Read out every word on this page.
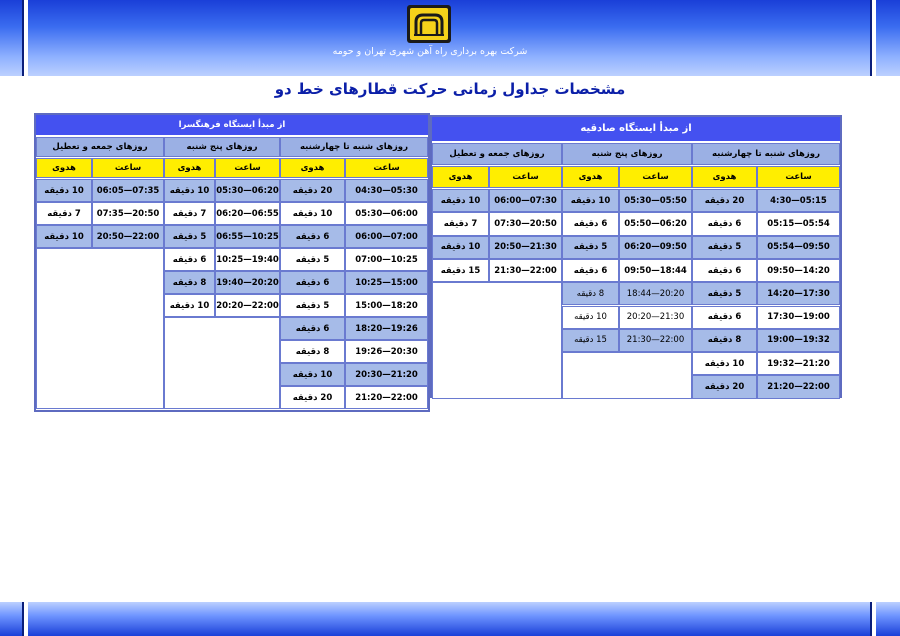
شرکت بهره برداری راه آهن شهری تهران و حومه
مشخصات جداول زمانی حرکت قطارهای خط دو
از مبدأ ایستگاه فرهنگسرا
روزهای شنبه تا چهارشنبه
ساعت
هدوی
04:30—05:30
20 دقیقه
05:30—06:00
10 دقیقه
06:00—07:00
6 دقیقه
07:00—10:25
5 دقیقه
10:25—15:00
6 دقیقه
15:00—18:20
5 دقیقه
18:20—19:26
6 دقیقه
19:26—20:30
8 دقیقه
20:30—21:20
10 دقیقه
21:20—22:00
20 دقیقه
روزهای پنج شنبه
ساعت
هدوی
05:30—06:20
10 دقیقه
06:20—06:55
7 دقیقه
06:55—10:25
5 دقیقه
10:25—19:40
6 دقیقه
19:40—20:20
8 دقیقه
20:20—22:00
10 دقیقه
روزهای جمعه و تعطیل
ساعت
هدوی
06:05—07:35
10 دقیقه
07:35—20:50
7 دقیقه
20:50—22:00
10 دقیقه
از مبدأ ایستگاه صادقیه
روزهای شنبه تا چهارشنبه
ساعت
هدوی
4:30—05:15
20 دقیقه
05:15—05:54
6 دقیقه
05:54—09:50
5 دقیقه
09:50—14:20
6 دقیقه
14:20—17:30
5 دقیقه
17:30—19:00
6 دقیقه
19:00—19:32
8 دقیقه
19:32—21:20
10 دقیقه
21:20—22:00
20 دقیقه
روزهای پنج شنبه
ساعت
هدوی
05:30—05:50
10 دقیقه
05:50—06:20
6 دقیقه
06:20—09:50
5 دقیقه
09:50—18:44
6 دقیقه
18:44—20:20
8 دقیقه
20:20—21:30
10 دقیقه
21:30—22:00
15 دقیقه
روزهای جمعه و تعطیل
ساعت
هدوی
06:00—07:30
10 دقیقه
07:30—20:50
7 دقیقه
20:50—21:30
10 دقیقه
21:30—22:00
15 دقیقه
